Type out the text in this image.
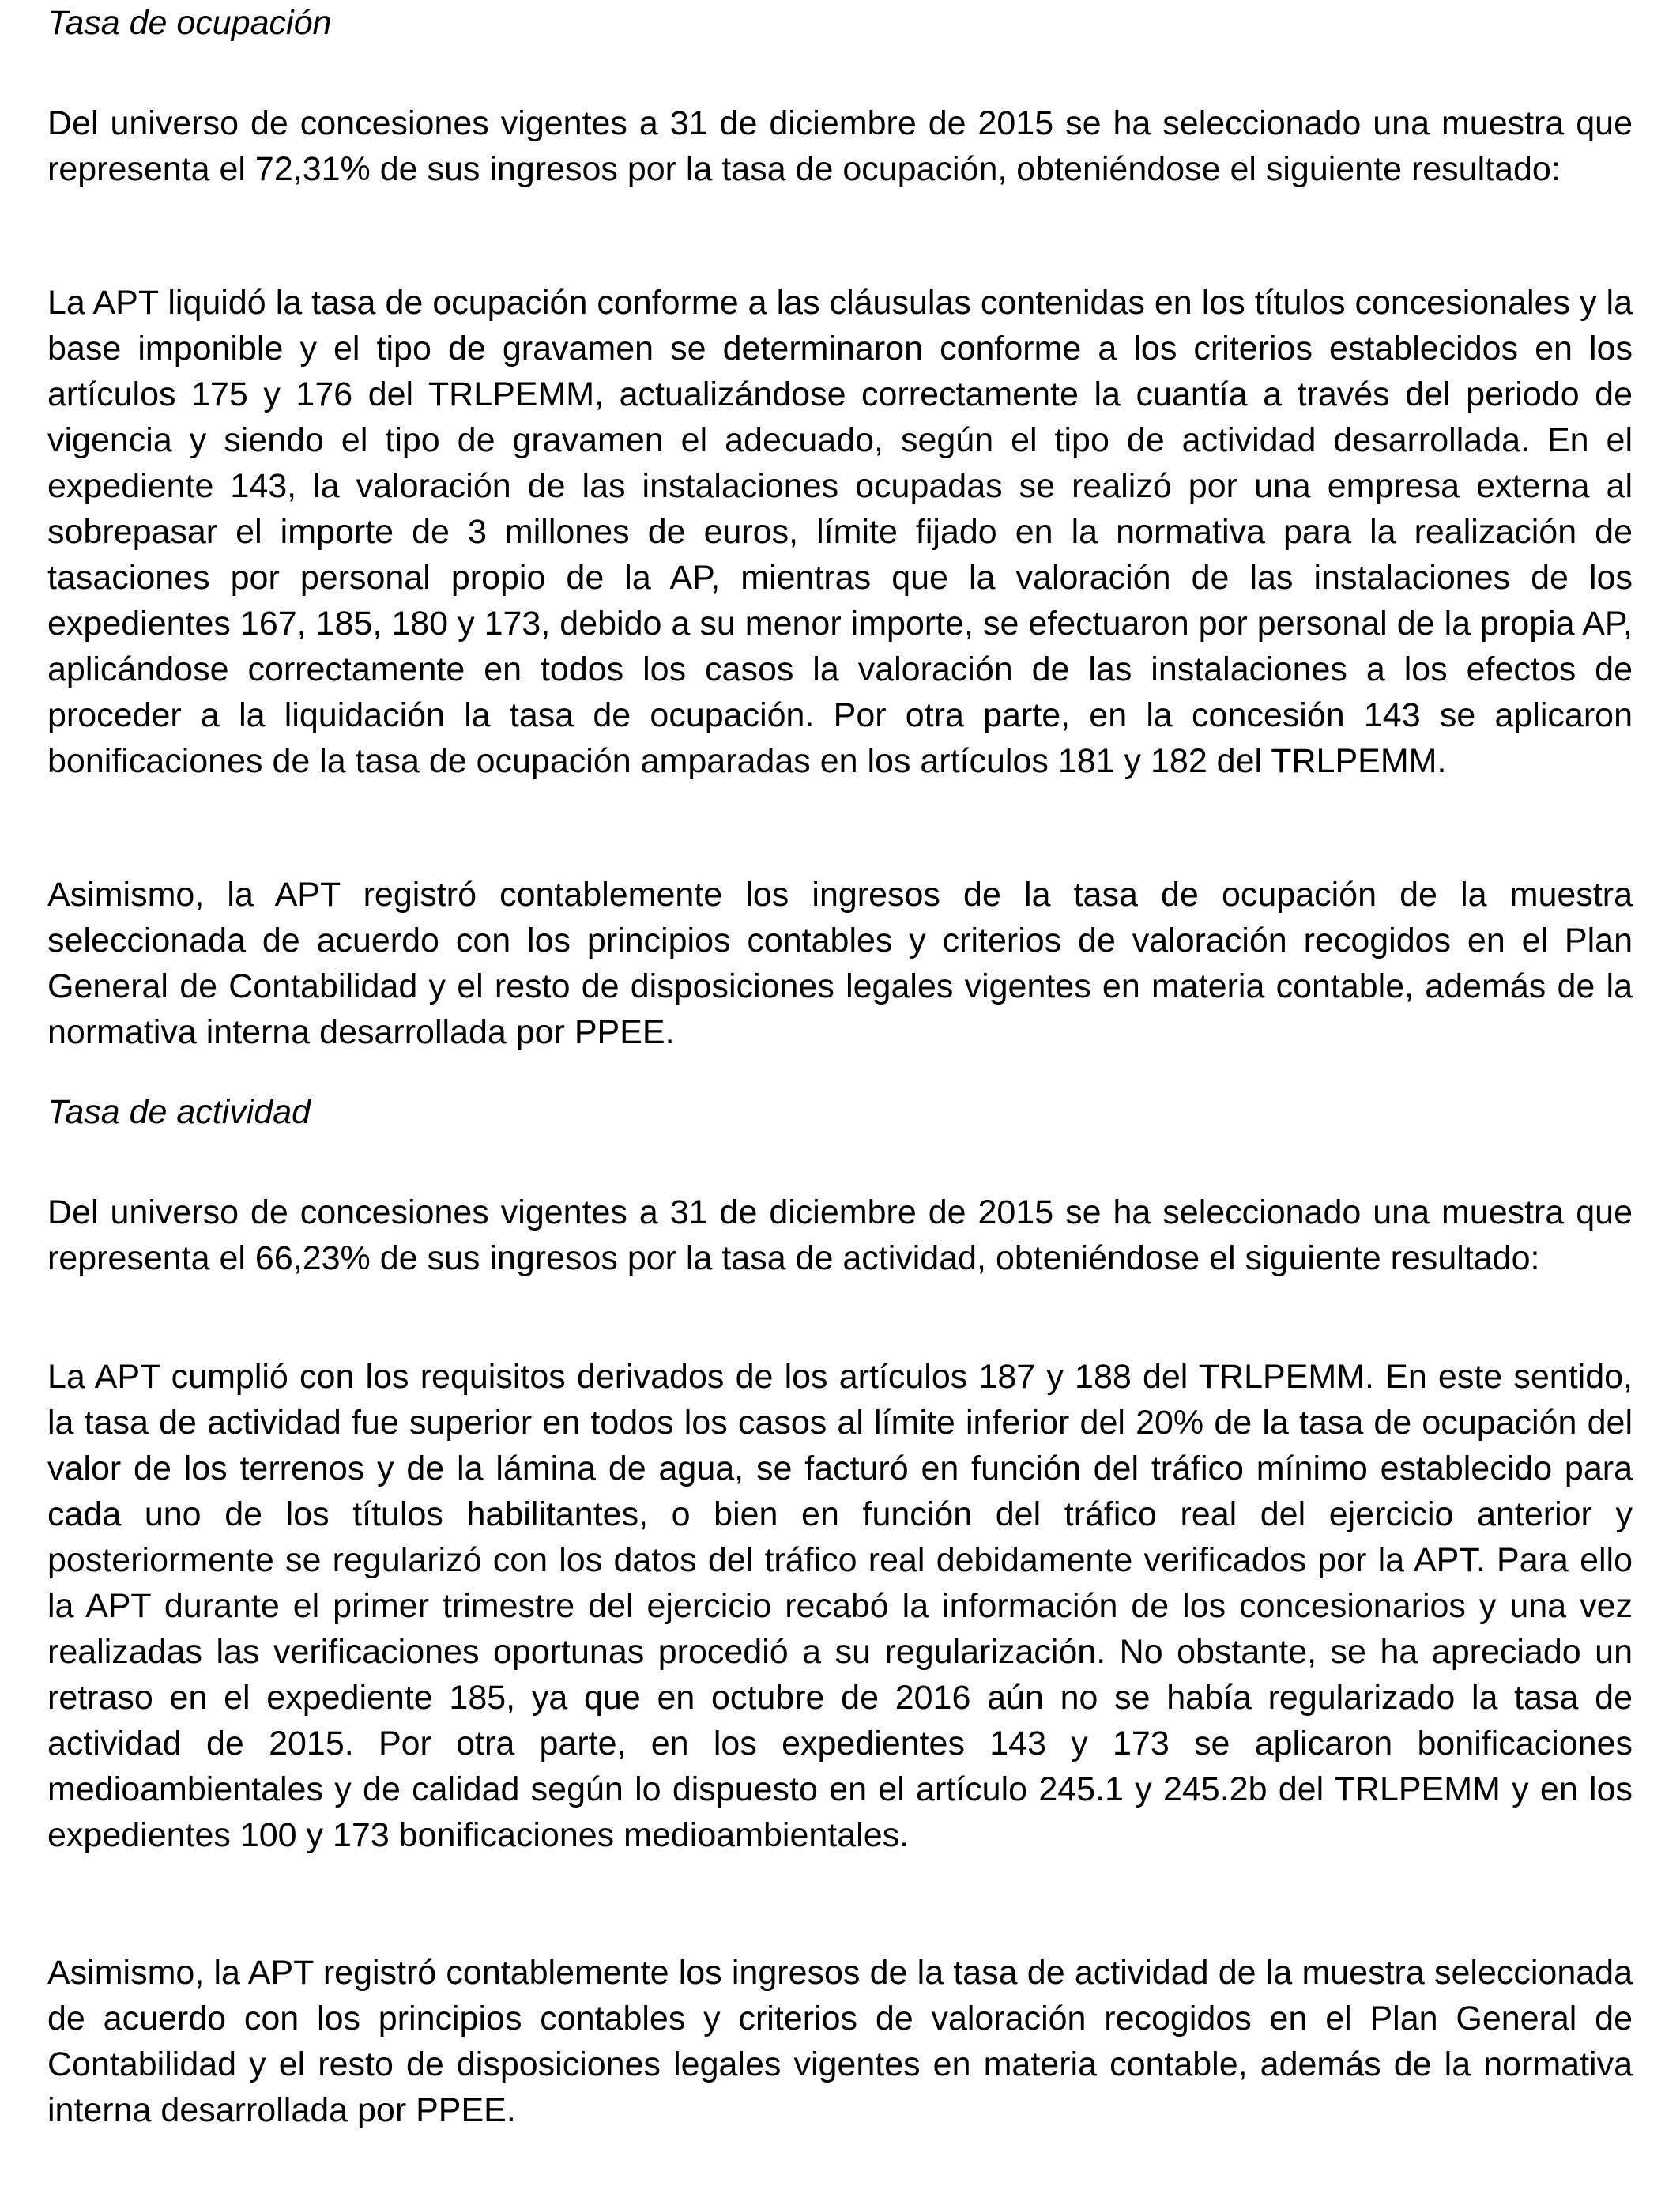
Tasa de ocupación

Del universo de concesiones vigentes a 31 de diciembre de 2015 se ha seleccionado una muestra que representa el 72,31% de sus ingresos por la tasa de ocupación, obteniéndose el siguiente resultado:

La APT liquidó la tasa de ocupación conforme a las cláusulas contenidas en los títulos concesionales y la base imponible y el tipo de gravamen se determinaron conforme a los criterios establecidos en los artículos 175 y 176 del TRLPEMM, actualizándose correctamente la cuantía a través del periodo de vigencia y siendo el tipo de gravamen el adecuado, según el tipo de actividad desarrollada. En el expediente 143, la valoración de las instalaciones ocupadas se realizó por una empresa externa al sobrepasar el importe de 3 millones de euros, límite fijado en la normativa para la realización de tasaciones por personal propio de la AP, mientras que la valoración de las instalaciones de los expedientes 167, 185, 180 y 173, debido a su menor importe, se efectuaron por personal de la propia AP, aplicándose correctamente en todos los casos la valoración de las instalaciones a los efectos de proceder a la liquidación la tasa de ocupación. Por otra parte, en la concesión 143 se aplicaron bonificaciones de la tasa de ocupación amparadas en los artículos 181 y 182 del TRLPEMM.

Asimismo, la APT registró contablemente los ingresos de la tasa de ocupación de la muestra seleccionada de acuerdo con los principios contables y criterios de valoración recogidos en el Plan General de Contabilidad y el resto de disposiciones legales vigentes en materia contable, además de la normativa interna desarrollada por PPEE.

Tasa de actividad

Del universo de concesiones vigentes a 31 de diciembre de 2015 se ha seleccionado una muestra que representa el 66,23% de sus ingresos por la tasa de actividad, obteniéndose el siguiente resultado:

La APT cumplió con los requisitos derivados de los artículos 187 y 188 del TRLPEMM. En este sentido, la tasa de actividad fue superior en todos los casos al límite inferior del 20% de la tasa de ocupación del valor de los terrenos y de la lámina de agua, se facturó en función del tráfico mínimo establecido para cada uno de los títulos habilitantes, o bien en función del tráfico real del ejercicio anterior y posteriormente se regularizó con los datos del tráfico real debidamente verificados por la APT. Para ello la APT durante el primer trimestre del ejercicio recabó la información de los concesionarios y una vez realizadas las verificaciones oportunas procedió a su regularización. No obstante, se ha apreciado un retraso en el expediente 185, ya que en octubre de 2016 aún no se había regularizado la tasa de actividad de 2015. Por otra parte, en los expedientes 143 y 173 se aplicaron bonificaciones medioambientales y de calidad según lo dispuesto en el artículo 245.1 y 245.2b del TRLPEMM y en los expedientes 100 y 173 bonificaciones medioambientales.

Asimismo, la APT registró contablemente los ingresos de la tasa de actividad de la muestra seleccionada de acuerdo con los principios contables y criterios de valoración recogidos en el Plan General de Contabilidad y el resto de disposiciones legales vigentes en materia contable, además de la normativa interna desarrollada por PPEE.
